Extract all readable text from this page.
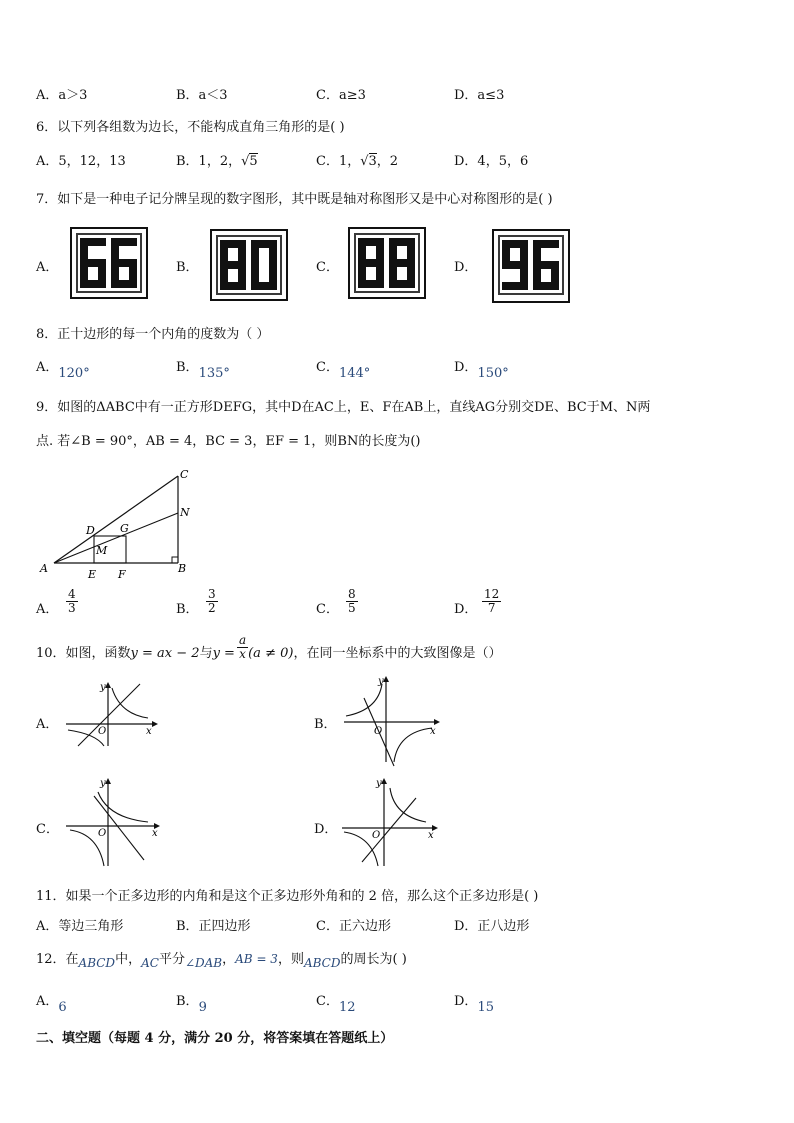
A．a＞3	B．a＜3	C．a≥3	D．a≤3
6．以下列各组数为边长，不能构成直角三角形的是( )
A．5，12，13	B．1，2，√5	C．1，√3，2	D．4，5，6
7．如下是一种电子记分牌呈现的数字图形，其中既是轴对称图形又是中心对称图形的是( )
A．	B．	C．	D．
8．正十边形的每一个内角的度数为（ ）
A．120°	B．135°	C．144°	D．150°
9．如图的ΔABC中有一正方形DEFG，其中D在AC上，E、F在AB上，直线AG分别交DE、BC于M、N两
点. 若∠B = 90°，AB = 4，BC = 3，EF = 1，则BN的长度为()
A	B
C
D
E F
G
M
N
A． $\frac{4}{3}$	B． $\frac{3}{2}$	C． $\frac{8}{5}$	D． $\frac{12}{7}$
10．如图，函数y = ax − 2与$y = \frac{a}{x} (a \ne 0)$，在同一坐标系中的大致图像是（）
A．	B．
C．	D．
x
y
O	x
y
O
x
y
O	x
y
O
11．如果一个正多边形的内角和是这个正多边形外角和的 2 倍，那么这个正多边形是( )
A．等边三角形	B．正四边形	C．正六边形	D．正八边形
12．在ABCD中，AC平分∠DAB，AB = 3，则ABCD的周长为( )
A．6	B．9	C．12	D．15
二、填空题（每题 4 分，满分 20 分，将答案填在答题纸上）
